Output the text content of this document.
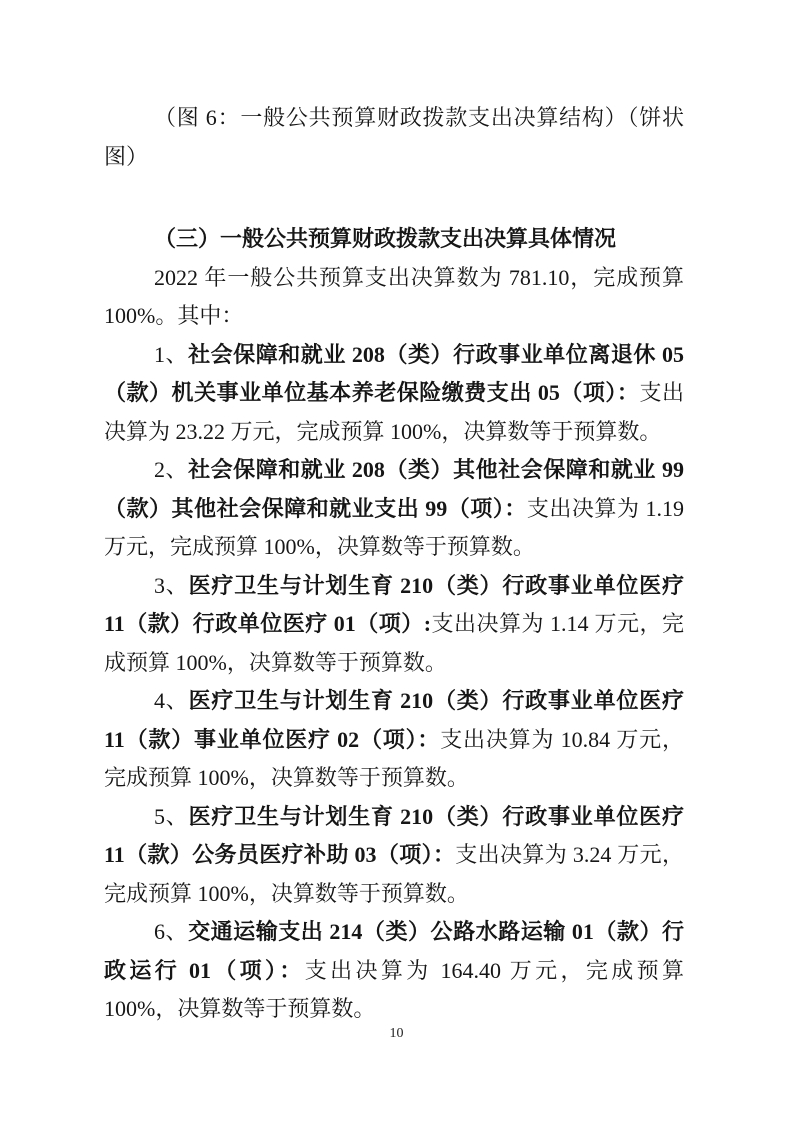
（图 6：一般公共预算财政拨款支出决算结构）（饼状图）

（三）一般公共预算财政拨款支出决算具体情况

2022 年一般公共预算支出决算数为 781.10，完成预算 100%。其中：

1、社会保障和就业 208（类）行政事业单位离退休 05（款）机关事业单位基本养老保险缴费支出 05（项）：支出决算为 23.22 万元，完成预算 100%，决算数等于预算数。

2、社会保障和就业 208（类）其他社会保障和就业 99（款）其他社会保障和就业支出 99（项）：支出决算为 1.19 万元，完成预算 100%，决算数等于预算数。

3、医疗卫生与计划生育 210（类）行政事业单位医疗 11（款）行政单位医疗 01（项）:支出决算为 1.14 万元，完成预算 100%，决算数等于预算数。

4、医疗卫生与计划生育 210（类）行政事业单位医疗 11（款）事业单位医疗 02（项）：支出决算为 10.84 万元，完成预算 100%，决算数等于预算数。

5、医疗卫生与计划生育 210（类）行政事业单位医疗 11（款）公务员医疗补助 03（项）：支出决算为 3.24 万元，完成预算 100%，决算数等于预算数。

6、交通运输支出 214（类）公路水路运输 01（款）行政运行 01（项）：支出决算为 164.40 万元，完成预算 100%，决算数等于预算数。

10
